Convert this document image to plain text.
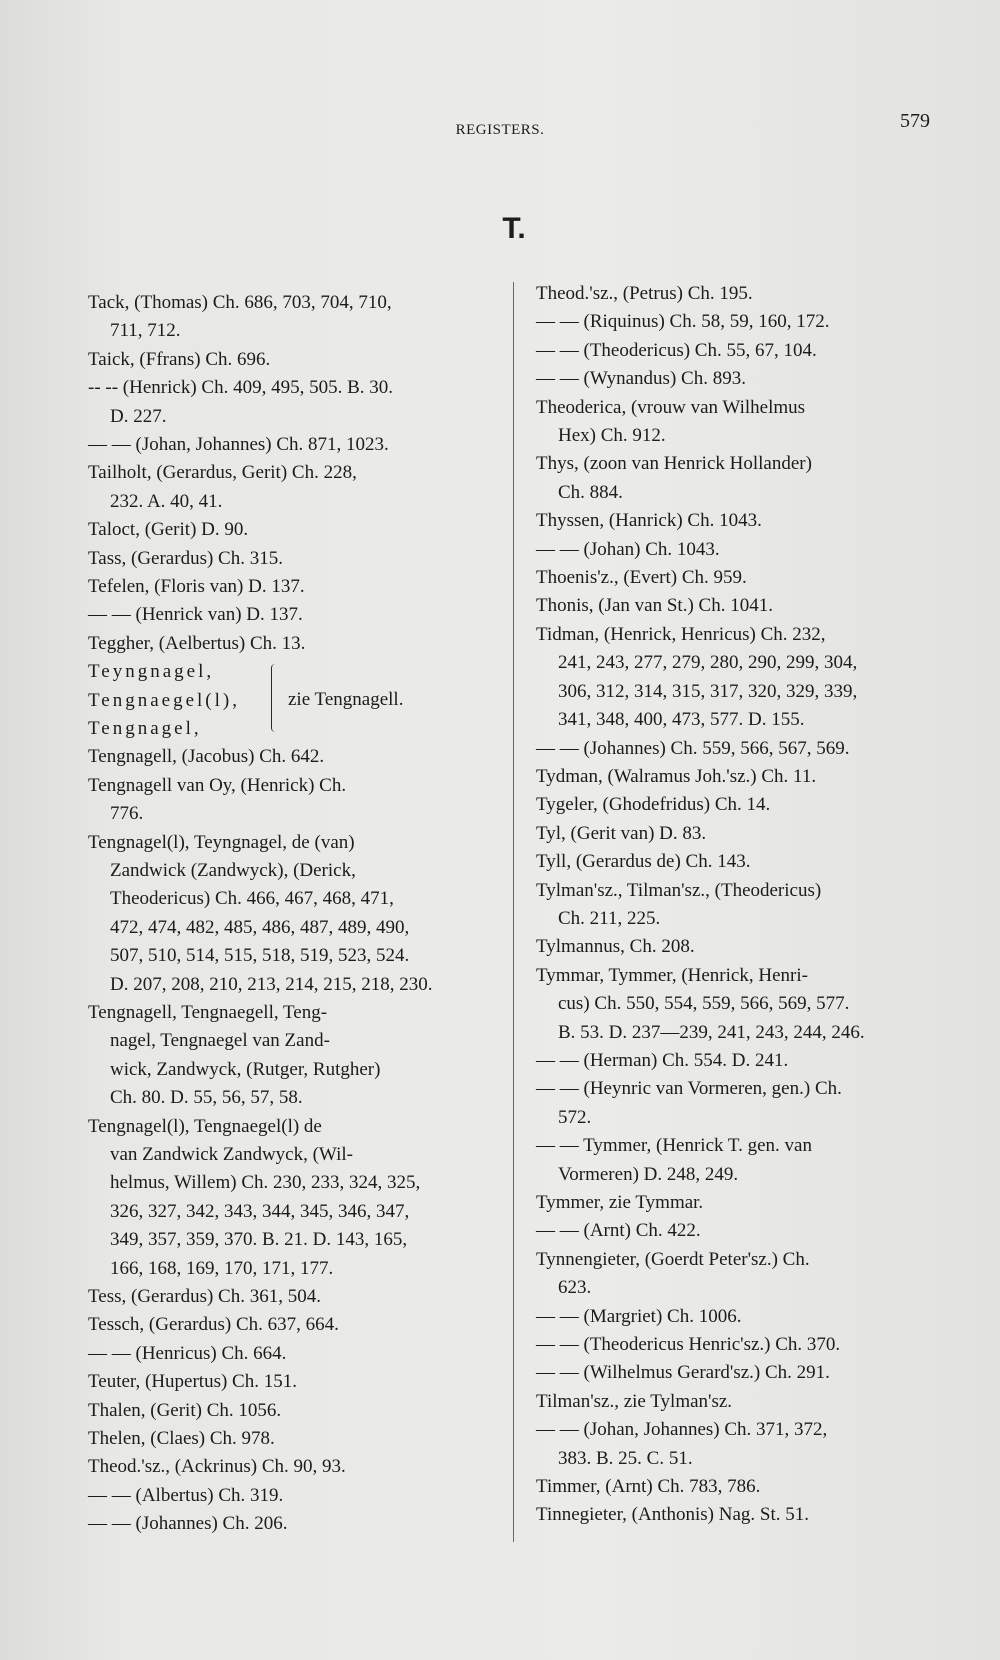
REGISTERS.	579
T.
Tack, (Thomas) Ch. 686, 703, 704, 710,
711, 712.
Taick, (Ffrans) Ch. 696.
-- -- (Henrick) Ch. 409, 495, 505. B. 30.
D. 227.
— — (Johan, Johannes) Ch. 871, 1023.
Tailholt, (Gerardus, Gerit) Ch. 228,
232. A. 40, 41.
Taloct, (Gerit) D. 90.
Tass, (Gerardus) Ch. 315.
Tefelen, (Floris van) D. 137.
— — (Henrick van) D. 137.
Teggher, (Aelbertus) Ch. 13.
Teyngnagel,
Tengnaegel(l),
Tengnagel,
zie Tengnagell.
Tengnagell, (Jacobus) Ch. 642.
Tengnagell van Oy, (Henrick) Ch.
776.
Tengnagel(l), Teyngnagel, de (van)
Zandwick (Zandwyck), (Derick,
Theodericus) Ch. 466, 467, 468, 471,
472, 474, 482, 485, 486, 487, 489, 490,
507, 510, 514, 515, 518, 519, 523, 524.
D. 207, 208, 210, 213, 214, 215, 218, 230.
Tengnagell, Tengnaegell, Teng-
nagel, Tengnaegel van Zand-
wick, Zandwyck, (Rutger, Rutgher)
Ch. 80. D. 55, 56, 57, 58.
Tengnagel(l), Tengnaegel(l) de
van Zandwick Zandwyck, (Wil-
helmus, Willem) Ch. 230, 233, 324, 325,
326, 327, 342, 343, 344, 345, 346, 347,
349, 357, 359, 370. B. 21. D. 143, 165,
166, 168, 169, 170, 171, 177.
Tess, (Gerardus) Ch. 361, 504.
Tessch, (Gerardus) Ch. 637, 664.
— — (Henricus) Ch. 664.
Teuter, (Hupertus) Ch. 151.
Thalen, (Gerit) Ch. 1056.
Thelen, (Claes) Ch. 978.
Theod.'sz., (Ackrinus) Ch. 90, 93.
— — (Albertus) Ch. 319.
— — (Johannes) Ch. 206.
Theod.'sz., (Petrus) Ch. 195.
— — (Riquinus) Ch. 58, 59, 160, 172.
— — (Theodericus) Ch. 55, 67, 104.
— — (Wynandus) Ch. 893.
Theoderica, (vrouw van Wilhelmus
Hex) Ch. 912.
Thys, (zoon van Henrick Hollander)
Ch. 884.
Thyssen, (Hanrick) Ch. 1043.
— — (Johan) Ch. 1043.
Thoenis'z., (Evert) Ch. 959.
Thonis, (Jan van St.) Ch. 1041.
Tidman, (Henrick, Henricus) Ch. 232,
241, 243, 277, 279, 280, 290, 299, 304,
306, 312, 314, 315, 317, 320, 329, 339,
341, 348, 400, 473, 577. D. 155.
— — (Johannes) Ch. 559, 566, 567, 569.
Tydman, (Walramus Joh.'sz.) Ch. 11.
Tygeler, (Ghodefridus) Ch. 14.
Tyl, (Gerit van) D. 83.
Tyll, (Gerardus de) Ch. 143.
Tylman'sz., Tilman'sz., (Theodericus)
Ch. 211, 225.
Tylmannus, Ch. 208.
Tymmar, Tymmer, (Henrick, Henri-
cus) Ch. 550, 554, 559, 566, 569, 577.
B. 53. D. 237—239, 241, 243, 244, 246.
— — (Herman) Ch. 554. D. 241.
— — (Heynric van Vormeren, gen.) Ch.
572.
— — Tymmer, (Henrick T. gen. van
Vormeren) D. 248, 249.
Tymmer, zie Tymmar.
— — (Arnt) Ch. 422.
Tynnengieter, (Goerdt Peter'sz.) Ch.
623.
— — (Margriet) Ch. 1006.
— — (Theodericus Henric'sz.) Ch. 370.
— — (Wilhelmus Gerard'sz.) Ch. 291.
Tilman'sz., zie Tylman'sz.
— — (Johan, Johannes) Ch. 371, 372,
383. B. 25. C. 51.
Timmer, (Arnt) Ch. 783, 786.
Tinnegieter, (Anthonis) Nag. St. 51.
